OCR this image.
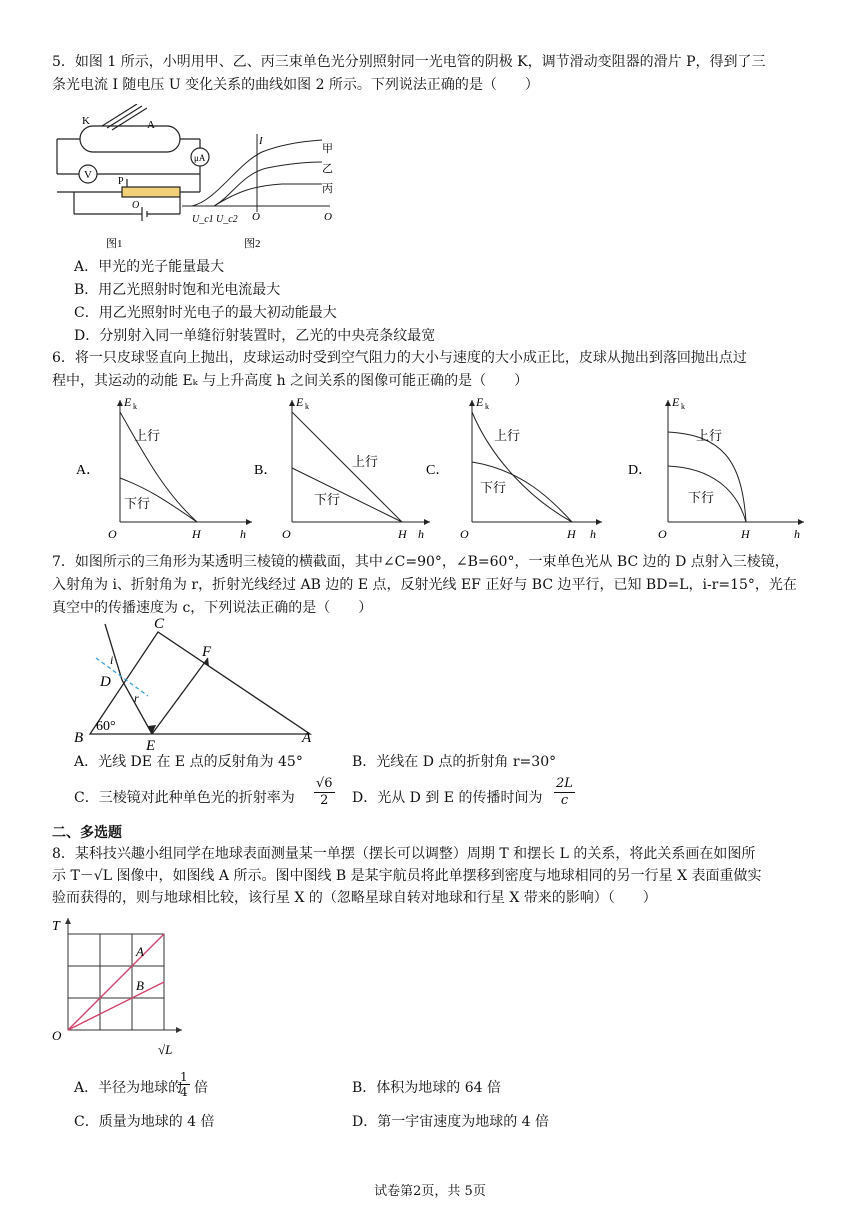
5．如图 1 所示，小明用甲、乙、丙三束单色光分别照射同一光电管的阴极 K，调节滑动变阻器的滑片 P，得到了三
条光电流 I 随电压 U 变化关系的曲线如图 2 所示。下列说法正确的是（　　）
K	A
μA
V
P
O
图1
I
甲
乙
丙
U_c1 U_c2 O	O
图2
A．甲光的光子能量最大
B．用乙光照射时饱和光电流最大
C．用乙光照射时光电子的最大初动能最大
D．分别射入同一单缝衍射装置时，乙光的中央亮条纹最宽
6．将一只皮球竖直向上抛出，皮球运动时受到空气阻力的大小与速度的大小成正比，皮球从抛出到落回抛出点过
程中，其运动的动能 Eₖ 与上升高度 h 之间关系的图像可能正确的是（　　）
A．
E k
上行
下行
O	H	h
B．
E k
上行
下行
O	H h
C．
E k
上行
下行
O	H h
D．
E k
上行
下行
O	H	h
7．如图所示的三角形为某透明三棱镜的横截面，其中∠C=90°，∠B=60°，一束单色光从 BC 边的 D 点射入三棱镜，
入射角为 i、折射角为 r，折射光线经过 AB 边的 E 点，反射光线 EF 正好与 BC 边平行，已知 BD=L，i-r=15°，光在
真空中的传播速度为 c，下列说法正确的是（　　）
C
F
D
B	E	A
i
r
60°
A．光线 DE 在 E 点的反射角为 45°	B．光线在 D 点的折射角 r=30°
C．三棱镜对此种单色光的折射率为
√6
2	D．光从 D 到 E 的传播时间为
2L
c
二、多选题
8．某科技兴趣小组同学在地球表面测量某一单摆（摆长可以调整）周期 T 和摆长 L 的关系，将此关系画在如图所
示 T－√L 图像中，如图线 A 所示。图中图线 B 是某宇航员将此单摆移到密度与地球相同的另一行星 X 表面重做实
验而获得的，则与地球相比较，该行星 X 的（忽略星球自转对地球和行星 X 带来的影响）（　　）
T
O
√L
A
B
A．半径为地球的
1
4 倍	B．体积为地球的 64 倍
C．质量为地球的 4 倍	D．第一宇宙速度为地球的 4 倍
试卷第2页，共 5页
